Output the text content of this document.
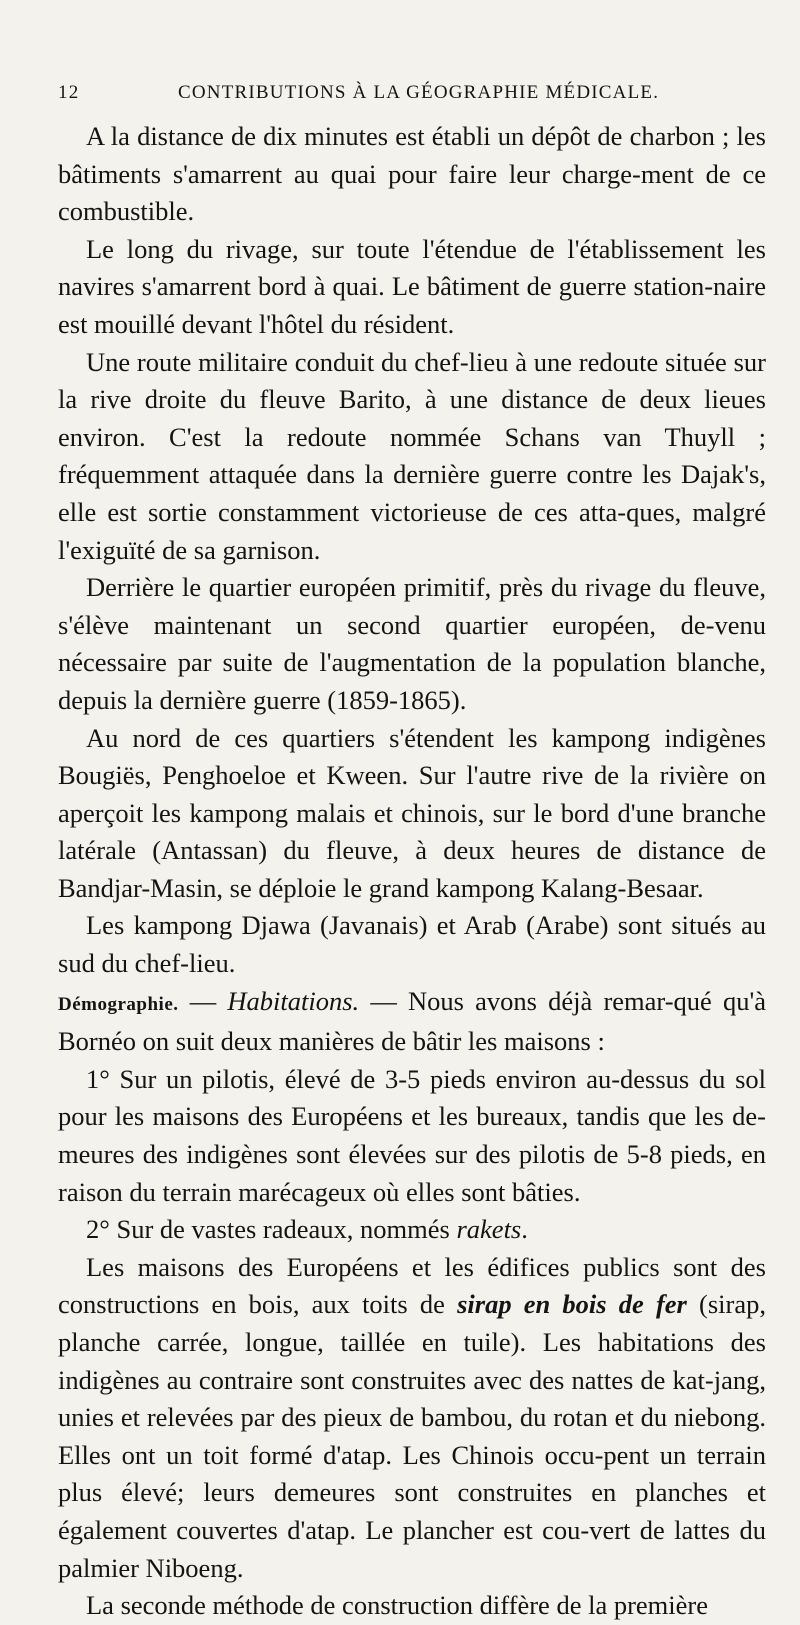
12	CONTRIBUTIONS À LA GÉOGRAPHIE MÉDICALE.

A la distance de dix minutes est établi un dépôt de charbon ; les bâtiments s'amarrent au quai pour faire leur charge-ment de ce combustible.

Le long du rivage, sur toute l'étendue de l'établissement les navires s'amarrent bord à quai. Le bâtiment de guerre station-naire est mouillé devant l'hôtel du résident.

Une route militaire conduit du chef-lieu à une redoute située sur la rive droite du fleuve Barito, à une distance de deux lieues environ. C'est la redoute nommée Schans van Thuyll ; fréquemment attaquée dans la dernière guerre contre les Dajak's, elle est sortie constamment victorieuse de ces atta-ques, malgré l'exiguïté de sa garnison.

Derrière le quartier européen primitif, près du rivage du fleuve, s'élève maintenant un second quartier européen, de-venu nécessaire par suite de l'augmentation de la population blanche, depuis la dernière guerre (1859-1865).

Au nord de ces quartiers s'étendent les kampong indigènes Bougiës, Penghoeloe et Kween. Sur l'autre rive de la rivière on aperçoit les kampong malais et chinois, sur le bord d'une branche latérale (Antassan) du fleuve, à deux heures de distance de Bandjar-Masin, se déploie le grand kampong Kalang-Besaar.

Les kampong Djawa (Javanais) et Arab (Arabe) sont situés au sud du chef-lieu.

Démographie. — Habitations. — Nous avons déjà remar-qué qu'à Bornéo on suit deux manières de bâtir les maisons :

1° Sur un pilotis, élevé de 3-5 pieds environ au-dessus du sol pour les maisons des Européens et les bureaux, tandis que les de-meures des indigènes sont élevées sur des pilotis de 5-8 pieds, en raison du terrain marécageux où elles sont bâties.

2° Sur de vastes radeaux, nommés rakets.

Les maisons des Européens et les édifices publics sont des constructions en bois, aux toits de sirap en bois de fer (sirap, planche carrée, longue, taillée en tuile). Les habitations des indigènes au contraire sont construites avec des nattes de kat-jang, unies et relevées par des pieux de bambou, du rotan et du niebong. Elles ont un toit formé d'atap. Les Chinois occu-pent un terrain plus élevé; leurs demeures sont construites en planches et également couvertes d'atap. Le plancher est cou-vert de lattes du palmier Niboeng.

La seconde méthode de construction diffère de la première
